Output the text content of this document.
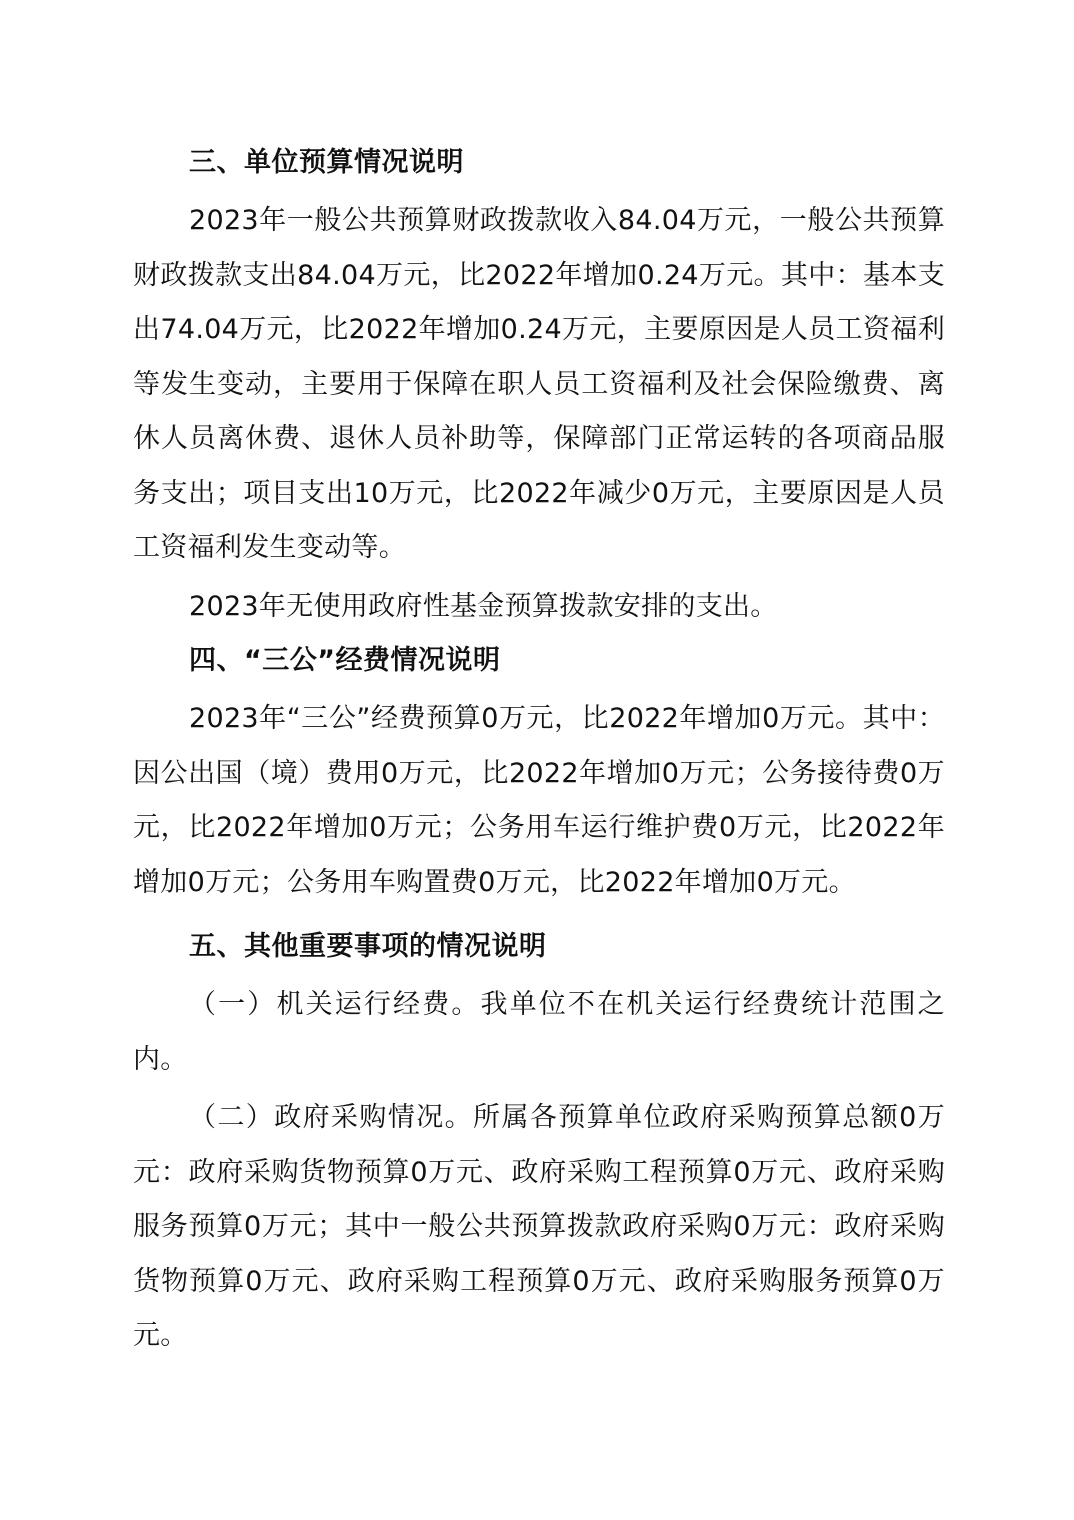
三、单位预算情况说明

2023年一般公共预算财政拨款收入84.04万元，一般公共预算财政拨款支出84.04万元，比2022年增加0.24万元。其中：基本支出74.04万元，比2022年增加0.24万元，主要原因是人员工资福利等发生变动，主要用于保障在职人员工资福利及社会保险缴费、离休人员离休费、退休人员补助等，保障部门正常运转的各项商品服务支出；项目支出10万元，比2022年减少0万元，主要原因是人员工资福利发生变动等。

2023年无使用政府性基金预算拨款安排的支出。

四、“三公”经费情况说明

2023年“三公”经费预算0万元，比2022年增加0万元。其中：因公出国（境）费用0万元，比2022年增加0万元；公务接待费0万元，比2022年增加0万元；公务用车运行维护费0万元，比2022年增加0万元；公务用车购置费0万元，比2022年增加0万元。

五、其他重要事项的情况说明

（一）机关运行经费。我单位不在机关运行经费统计范围之内。

（二）政府采购情况。所属各预算单位政府采购预算总额0万元：政府采购货物预算0万元、政府采购工程预算0万元、政府采购服务预算0万元；其中一般公共预算拨款政府采购0万元：政府采购货物预算0万元、政府采购工程预算0万元、政府采购服务预算0万元。
